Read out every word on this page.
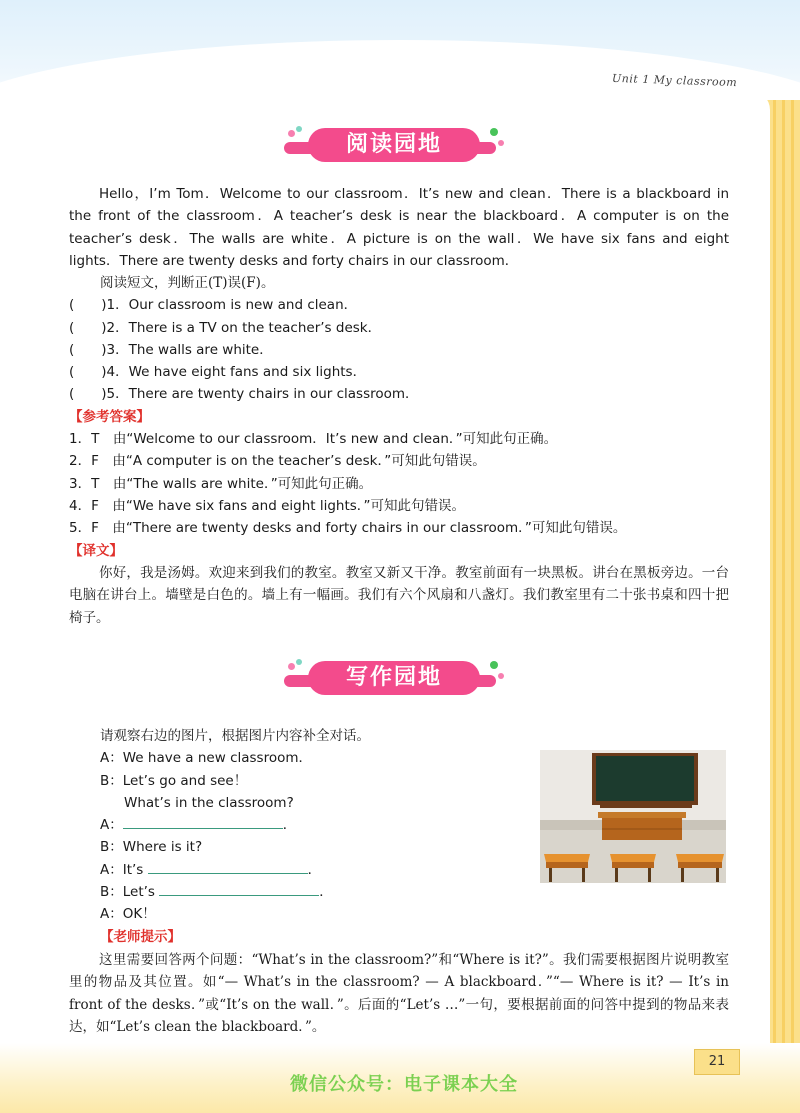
Unit 1 My classroom
阅读园地
Hello，I’m Tom．Welcome to our classroom．It’s new and clean．There is a blackboard in the front of the classroom．A teacher’s desk is near the blackboard．A computer is on the teacher’s desk．The walls are white．A picture is on the wall．We have six fans and eight lights．There are twenty desks and forty chairs in our classroom．
阅读短文，判断正(T)误(F)。
(　　)1．Our classroom is new and clean．
(　　)2．There is a TV on the teacher’s desk．
(　　)3．The walls are white．
(　　)4．We have eight fans and six lights．
(　　)5．There are twenty chairs in our classroom．
【参考答案】
1．T　由“Welcome to our classroom．It’s new and clean．”可知此句正确。
2．F　由“A computer is on the teacher’s desk．”可知此句错误。
3．T　由“The walls are white．”可知此句正确。
4．F　由“We have six fans and eight lights．”可知此句错误。
5．F　由“There are twenty desks and forty chairs in our classroom．”可知此句错误。
【译文】
你好，我是汤姆。欢迎来到我们的教室。教室又新又干净。教室前面有一块黑板。讲台在黑板旁边。一台电脑在讲台上。墙壁是白色的。墙上有一幅画。我们有六个风扇和八盏灯。我们教室里有二十张书桌和四十把椅子。
写作园地
请观察右边的图片，根据图片内容补全对话。
A：We have a new classroom．
B：Let’s go and see！
What’s in the classroom?
A：	．
B：Where is it?
A：It’s	．
B：Let’s	．
A：OK！
【老师提示】
这里需要回答两个问题：“What’s in the classroom?”和“Where is it?”。我们需要根据图片说明教室里的物品及其位置。如“— What’s in the classroom? — A blackboard．”“— Where is it? — It’s in front of the desks．”或“It’s on the wall．”。后面的“Let’s …”一句，要根据前面的问答中提到的物品来表达，如“Let’s clean the blackboard．”。
21
微信公众号：电子课本大全
